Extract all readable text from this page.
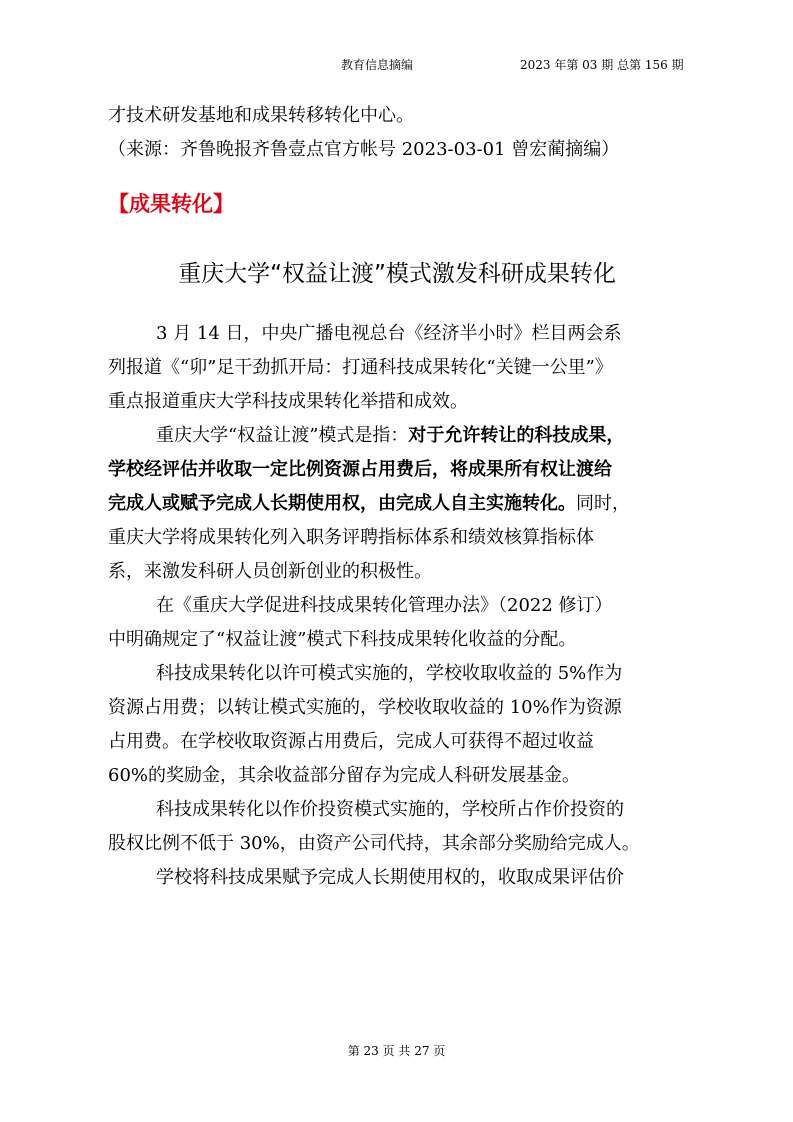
教育信息摘编	2023 年第 03 期 总第 156 期

才技术研发基地和成果转移转化中心。

（来源：齐鲁晚报齐鲁壹点官方帐号 2023-03-01 曾宏蔺摘编）

【成果转化】
重庆大学“权益让渡”模式激发科研成果转化

3 月 14 日，中央广播电视总台《经济半小时》栏目两会系

列报道《“卯”足干劲抓开局：打通科技成果转化“关键一公里”》

重点报道重庆大学科技成果转化举措和成效。

重庆大学“权益让渡”模式是指：对于允许转让的科技成果，

学校经评估并收取一定比例资源占用费后，将成果所有权让渡给

完成人或赋予完成人长期使用权，由完成人自主实施转化。同时，

重庆大学将成果转化列入职务评聘指标体系和绩效核算指标体

系，来激发科研人员创新创业的积极性。

在《重庆大学促进科技成果转化管理办法》（2022 修订）

中明确规定了“权益让渡”模式下科技成果转化收益的分配。

科技成果转化以许可模式实施的，学校收取收益的 5%作为

资源占用费；以转让模式实施的，学校收取收益的 10%作为资源

占用费。在学校收取资源占用费后，完成人可获得不超过收益

60%的奖励金，其余收益部分留存为完成人科研发展基金。

科技成果转化以作价投资模式实施的，学校所占作价投资的

股权比例不低于 30%，由资产公司代持，其余部分奖励给完成人。

学校将科技成果赋予完成人长期使用权的，收取成果评估价

第 23 页 共 27 页
